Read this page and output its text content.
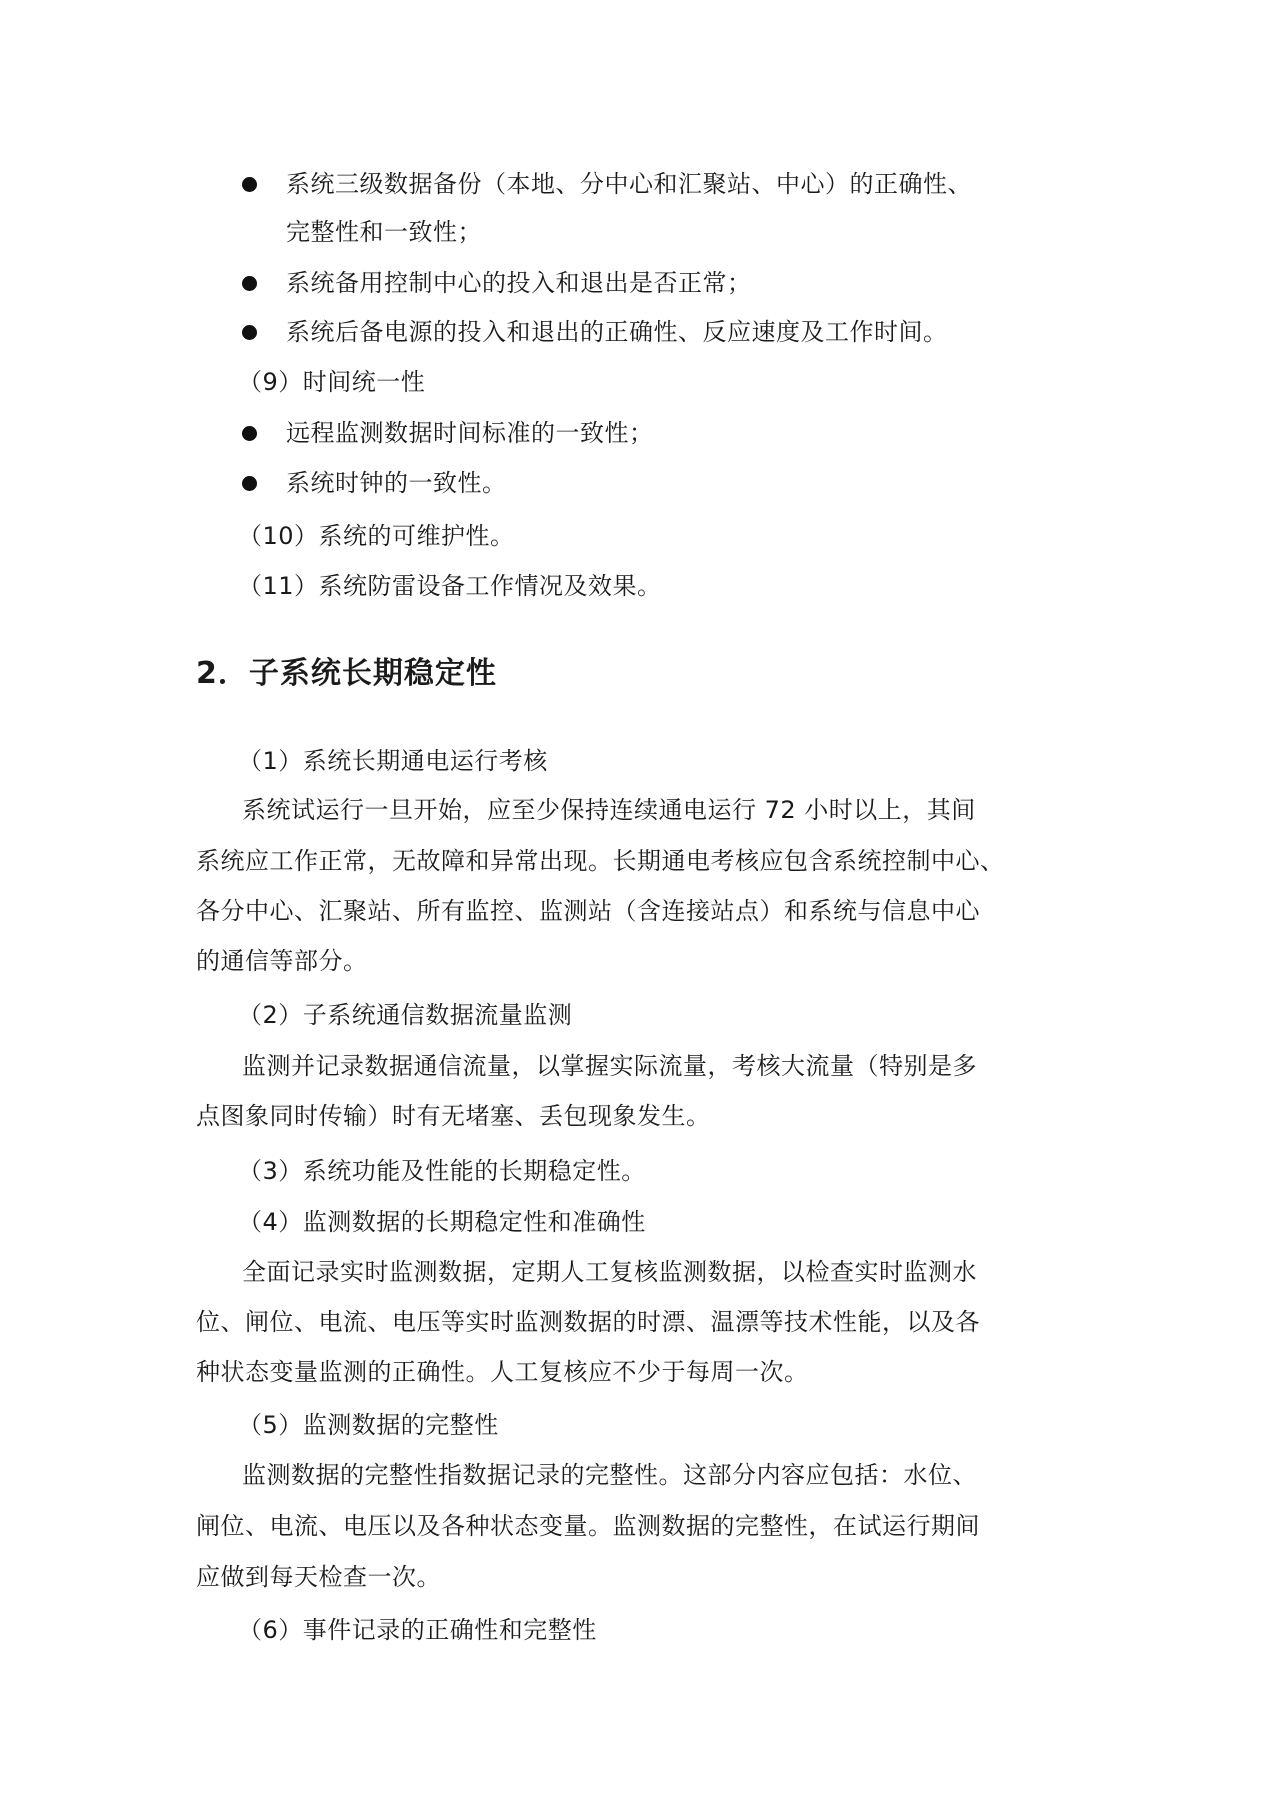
系统三级数据备份（本地、分中心和汇聚站、中心）的正确性、
完整性和一致性；
系统备用控制中心的投入和退出是否正常；
系统后备电源的投入和退出的正确性、反应速度及工作时间。
（9）时间统一性
远程监测数据时间标准的一致性；
系统时钟的一致性。
（10）系统的可维护性。
（11）系统防雷设备工作情况及效果。
2．子系统长期稳定性
（1）系统长期通电运行考核
系统试运行一旦开始，应至少保持连续通电运行 72 小时以上，其间
系统应工作正常，无故障和异常出现。长期通电考核应包含系统控制中心、
各分中心、汇聚站、所有监控、监测站（含连接站点）和系统与信息中心
的通信等部分。
（2）子系统通信数据流量监测
监测并记录数据通信流量，以掌握实际流量，考核大流量（特别是多
点图象同时传输）时有无堵塞、丢包现象发生。
（3）系统功能及性能的长期稳定性。
（4）监测数据的长期稳定性和准确性
全面记录实时监测数据，定期人工复核监测数据，以检查实时监测水
位、闸位、电流、电压等实时监测数据的时漂、温漂等技术性能，以及各
种状态变量监测的正确性。人工复核应不少于每周一次。
（5）监测数据的完整性
监测数据的完整性指数据记录的完整性。这部分内容应包括：水位、
闸位、电流、电压以及各种状态变量。监测数据的完整性，在试运行期间
应做到每天检查一次。
（6）事件记录的正确性和完整性
